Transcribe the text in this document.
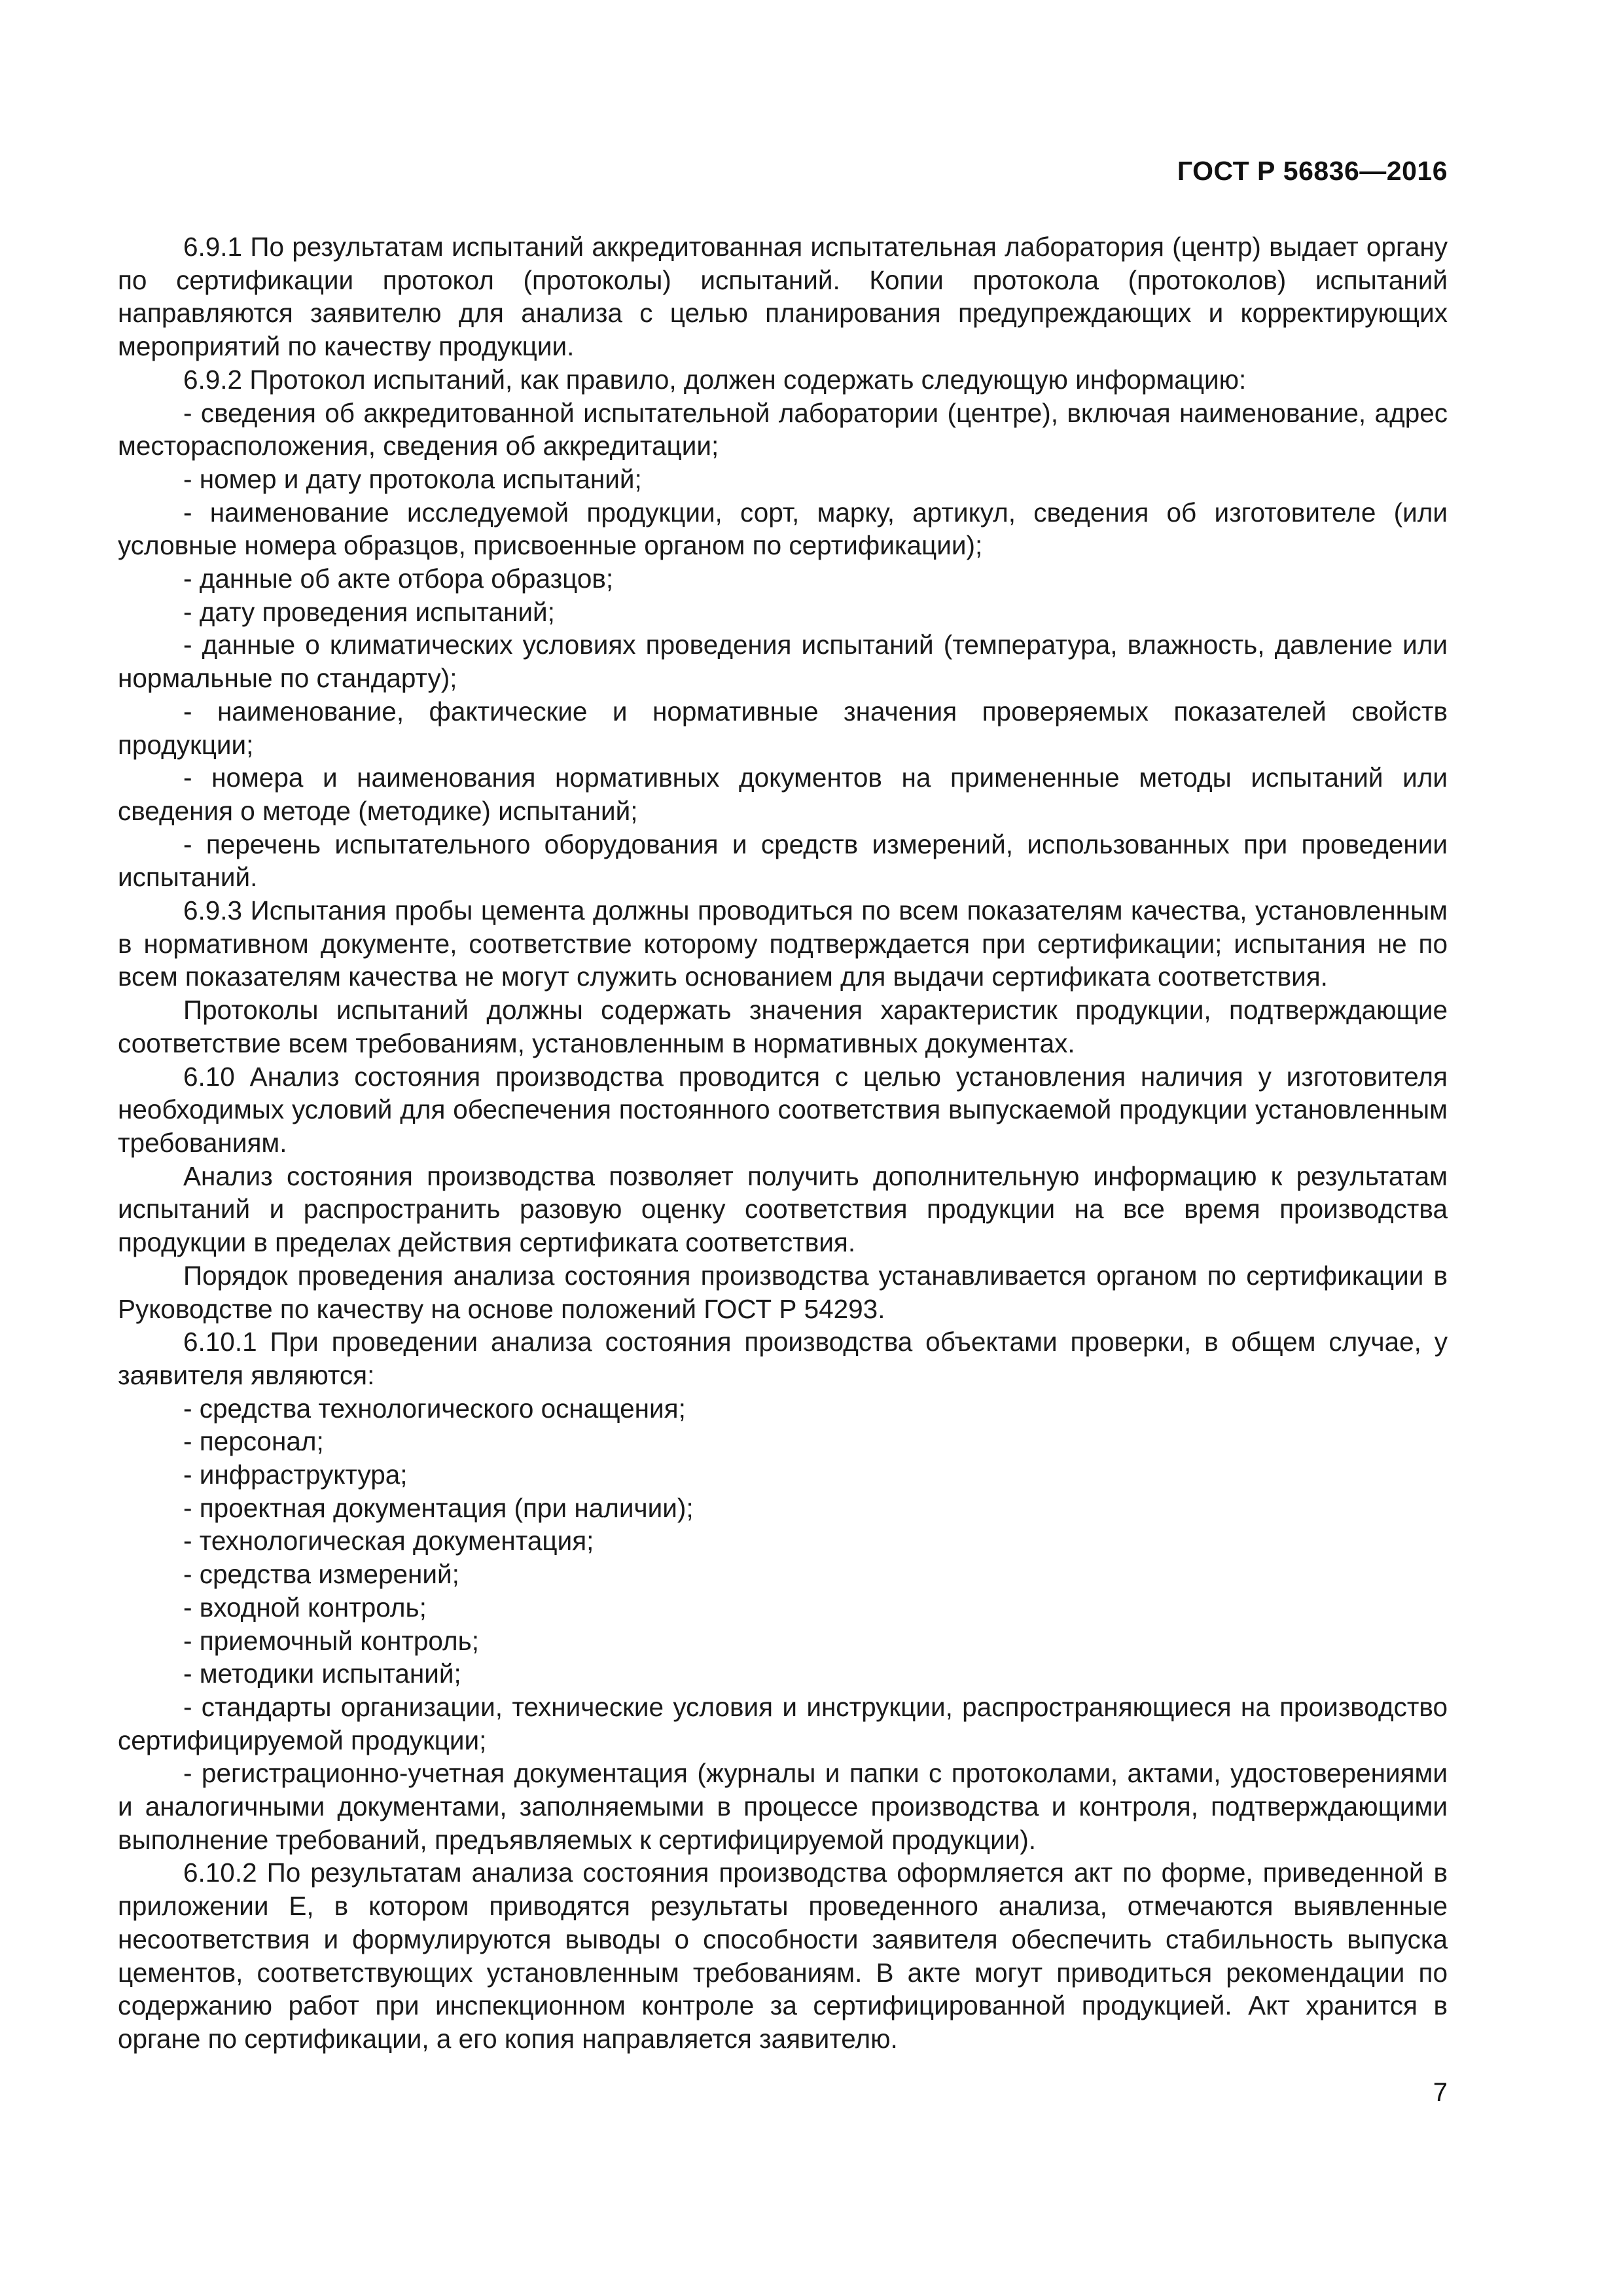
ГОСТ Р 56836—2016

6.9.1 По результатам испытаний аккредитованная испытательная лаборатория (центр) выдает органу по сертификации протокол (протоколы) испытаний. Копии протокола (протоколов) испытаний направляются заявителю для анализа с целью планирования предупреждающих и корректирующих мероприятий по качеству продукции.

6.9.2 Протокол испытаний, как правило, должен содержать следующую информацию:

- сведения об аккредитованной испытательной лаборатории (центре), включая наименование, адрес месторасположения, сведения об аккредитации;

- номер и дату протокола испытаний;

- наименование исследуемой продукции, сорт, марку, артикул, сведения об изготовителе (или условные номера образцов, присвоенные органом по сертификации);

- данные об акте отбора образцов;

- дату проведения испытаний;

- данные о климатических условиях проведения испытаний (температура, влажность, давление или нормальные по стандарту);

- наименование, фактические и нормативные значения проверяемых показателей свойств продукции;

- номера и наименования нормативных документов на примененные методы испытаний или сведения о методе (методике) испытаний;

- перечень испытательного оборудования и средств измерений, использованных при проведении испытаний.

6.9.3 Испытания пробы цемента должны проводиться по всем показателям качества, установленным в нормативном документе, соответствие которому подтверждается при сертификации; испытания не по всем показателям качества не могут служить основанием для выдачи сертификата соответствия.

Протоколы испытаний должны содержать значения характеристик продукции, подтверждающие соответствие всем требованиям, установленным в нормативных документах.

6.10 Анализ состояния производства проводится с целью установления наличия у изготовителя необходимых условий для обеспечения постоянного соответствия выпускаемой продукции установленным требованиям.

Анализ состояния производства позволяет получить дополнительную информацию к результатам испытаний и распространить разовую оценку соответствия продукции на все время производства продукции в пределах действия сертификата соответствия.

Порядок проведения анализа состояния производства устанавливается органом по сертификации в Руководстве по качеству на основе положений ГОСТ Р 54293.

6.10.1 При проведении анализа состояния производства объектами проверки, в общем случае, у заявителя являются:

- средства технологического оснащения;

- персонал;

- инфраструктура;

- проектная документация (при наличии);

- технологическая документация;

- средства измерений;

- входной контроль;

- приемочный контроль;

- методики испытаний;

- стандарты организации, технические условия и инструкции, распространяющиеся на производство сертифицируемой продукции;

- регистрационно-учетная документация (журналы и папки с протоколами, актами, удостоверениями и аналогичными документами, заполняемыми в процессе производства и контроля, подтверждающими выполнение требований, предъявляемых к сертифицируемой продукции).

6.10.2 По результатам анализа состояния производства оформляется акт по форме, приведенной в приложении Е, в котором приводятся результаты проведенного анализа, отмечаются выявленные несоответствия и формулируются выводы о способности заявителя обеспечить стабильность выпуска цементов, соответствующих установленным требованиям. В акте могут приводиться рекомендации по содержанию работ при инспекционном контроле за сертифицированной продукцией. Акт хранится в органе по сертификации, а его копия направляется заявителю.

7
